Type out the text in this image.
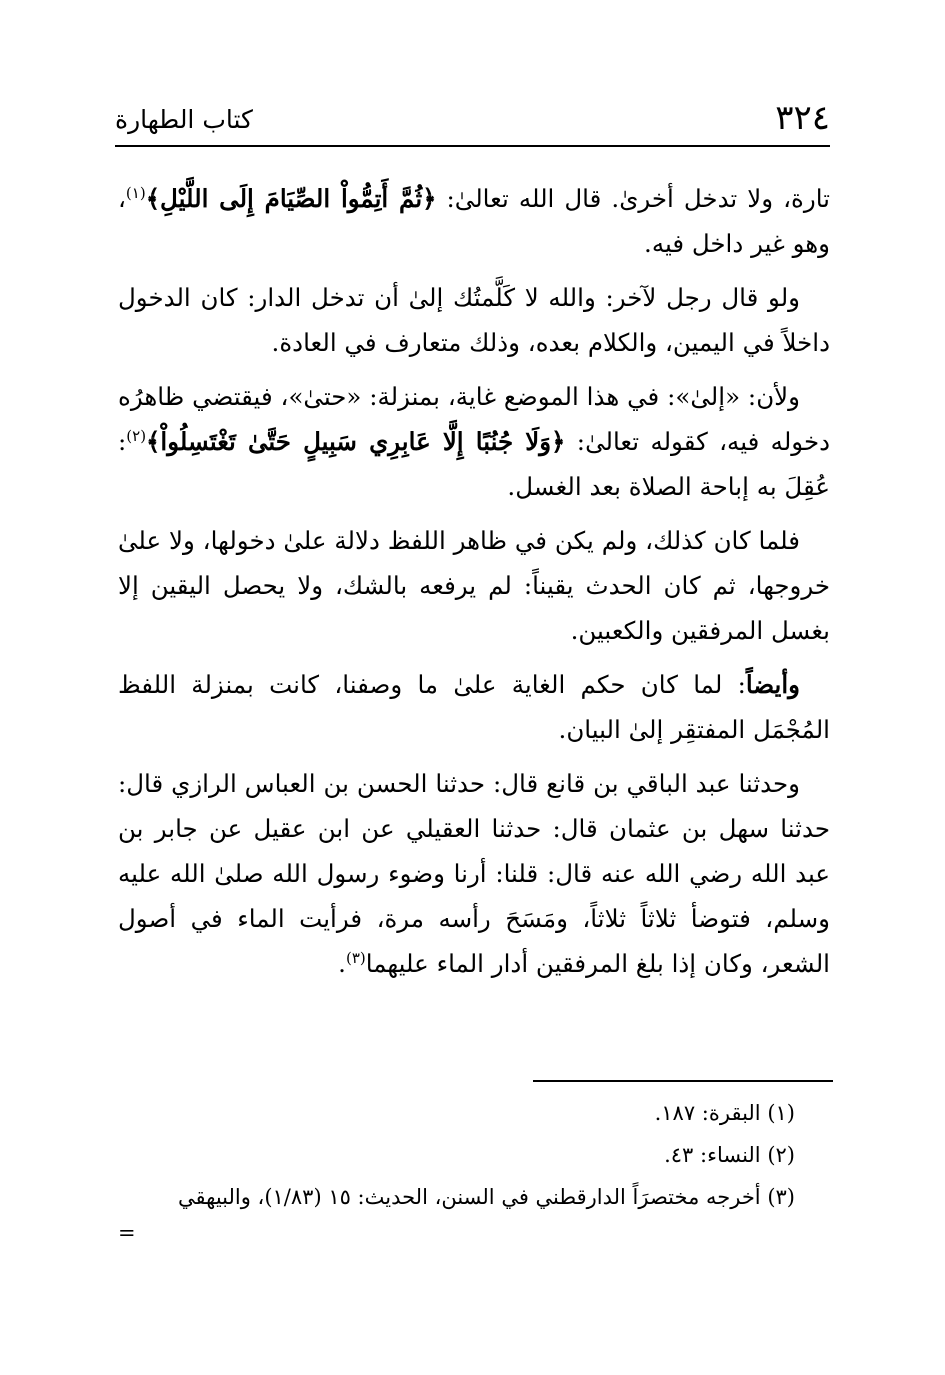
٣٢٤
كتاب الطهارة

تارة، ولا تدخل أخرىٰ. قال الله تعالىٰ: ﴿ثُمَّ أَتِمُّواْ الصِّيَامَ إِلَى اللَّيْلِ﴾$^{(١)}$، وهو غير داخل فيه.

ولو قال رجل لآخر: والله لا كَلَّمتُك إلىٰ أن تدخل الدار: كان الدخول داخلاً في اليمين، والكلام بعده، وذلك متعارف في العادة.

ولأن: «إلىٰ»: في هذا الموضع غاية، بمنزلة: «حتىٰ»، فيقتضي ظاهرُه دخوله فيه، كقوله تعالىٰ: ﴿وَلَا جُنُبًا إِلَّا عَابِرِي سَبِيلٍ حَتَّىٰ تَغْتَسِلُواْ﴾$^{(٢)}$: عُقِلَ به إباحة الصلاة بعد الغسل.

فلما كان كذلك، ولم يكن في ظاهر اللفظ دلالة علىٰ دخولها، ولا علىٰ خروجها، ثم كان الحدث يقيناً: لم يرفعه بالشك، ولا يحصل اليقين إلا بغسل المرفقين والكعبين.

وأيضاً: لما كان حكم الغاية علىٰ ما وصفنا، كانت بمنزلة اللفظ المُجْمَل المفتقِر إلىٰ البيان.

وحدثنا عبد الباقي بن قانع قال: حدثنا الحسن بن العباس الرازي قال: حدثنا سهل بن عثمان قال: حدثنا العقيلي عن ابن عقيل عن جابر بن عبد الله رضي الله عنه قال: قلنا: أرنا وضوء رسول الله صلىٰ الله عليه وسلم، فتوضأ ثلاثاً ثلاثاً، ومَسَحَ رأسه مرة، فرأيت الماء في أصول الشعر، وكان إذا بلغ المرفقين أدار الماء عليهما$^{(٣)}$.

(١) البقرة: ١٨٧.
(٢) النساء: ٤٣.
(٣) أخرجه مختصرَاً الدارقطني في السنن، الحديث: ١٥ (١/٨٣)، والبيهقي
=
